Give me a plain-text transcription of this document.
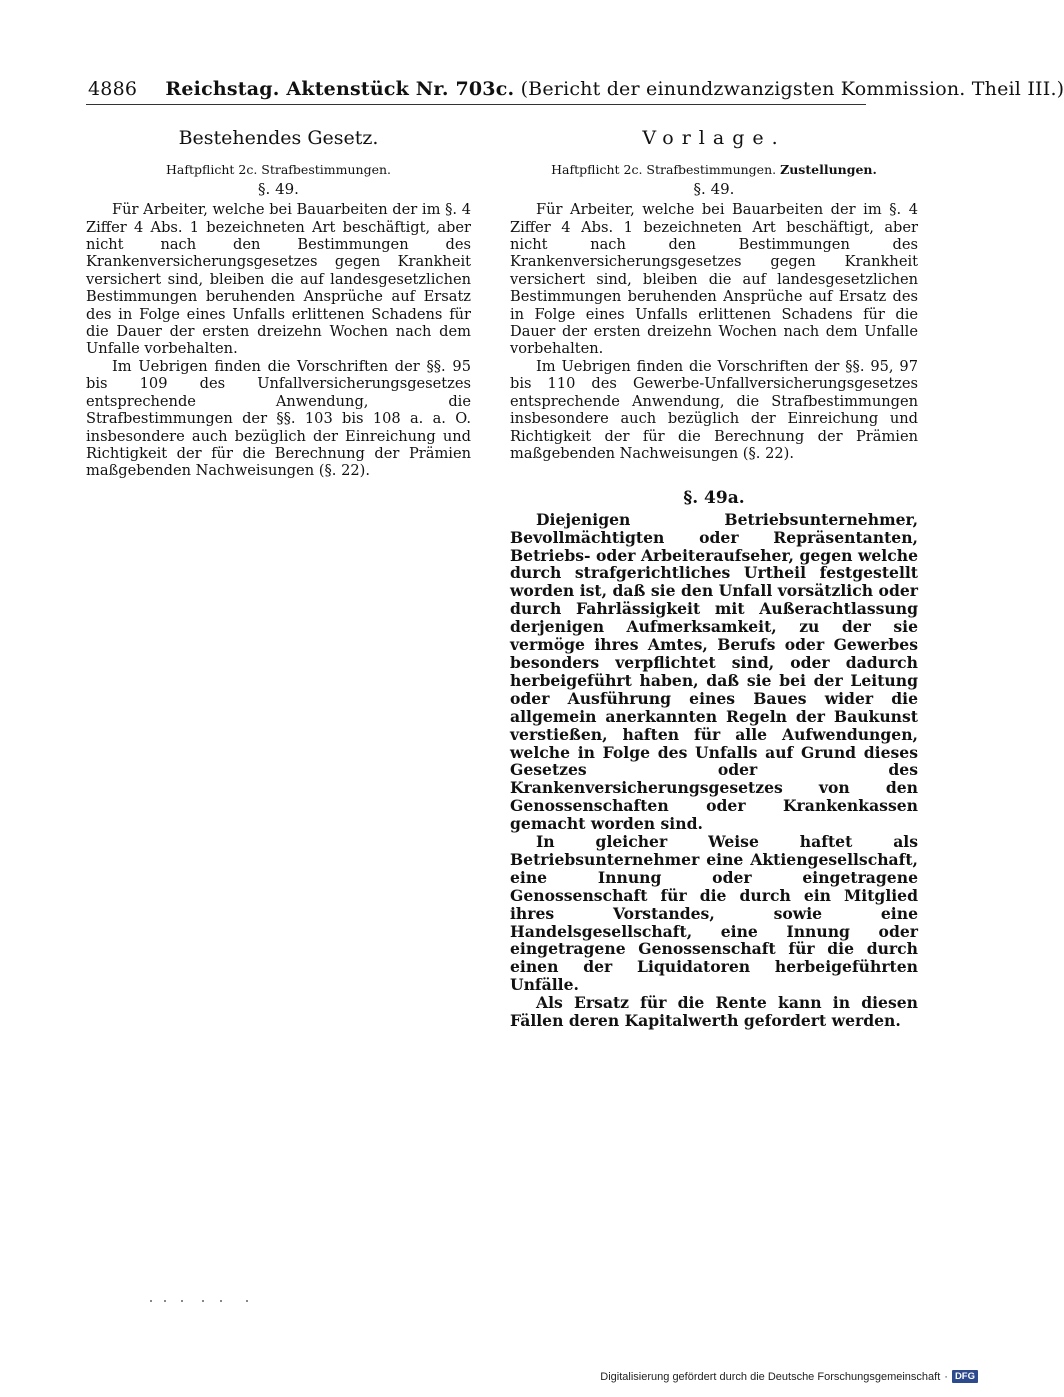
4886 Reichstag. Aktenstück Nr. 703c. (Bericht der einundzwanzigsten Kommission. Theil III.)
Bestehendes Gesetz.
Haftpflicht 2c. Strafbestimmungen.
§. 49.

Für Arbeiter, welche bei Bauarbeiten der im §. 4 Ziffer 4 Abs. 1 bezeichneten Art beschäftigt, aber nicht nach den Bestimmungen des Krankenversicherungsgesetzes gegen Krankheit versichert sind, bleiben die auf landesgesetzlichen Bestimmungen beruhenden Ansprüche auf Ersatz des in Folge eines Unfalls erlittenen Schadens für die Dauer der ersten dreizehn Wochen nach dem Unfalle vorbehalten.

Im Uebrigen finden die Vorschriften der §§. 95 bis 109 des Unfallversicherungsgesetzes entsprechende Anwendung, die Strafbestimmungen der §§. 103 bis 108 a. a. O. insbesondere auch bezüglich der Einreichung und Richtigkeit der für die Berechnung der Prämien maßgebenden Nachweisungen (§. 22).

Vorlage.
Haftpflicht 2c. Strafbestimmungen. Zustellungen.
§. 49.

Für Arbeiter, welche bei Bauarbeiten der im §. 4 Ziffer 4 Abs. 1 bezeichneten Art beschäftigt, aber nicht nach den Bestimmungen des Krankenversicherungsgesetzes gegen Krankheit versichert sind, bleiben die auf landesgesetzlichen Bestimmungen beruhenden Ansprüche auf Ersatz des in Folge eines Unfalls erlittenen Schadens für die Dauer der ersten dreizehn Wochen nach dem Unfalle vorbehalten.

Im Uebrigen finden die Vorschriften der §§. 95, 97 bis 110 des Gewerbe-Unfallversicherungsgesetzes entsprechende Anwendung, die Strafbestimmungen insbesondere auch bezüglich der Einreichung und Richtigkeit der für die Berechnung der Prämien maßgebenden Nachweisungen (§. 22).

§. 49a.

Diejenigen Betriebsunternehmer, Bevollmächtigten oder Repräsentanten, Betriebs- oder Arbeiteraufseher, gegen welche durch strafgerichtliches Urtheil festgestellt worden ist, daß sie den Unfall vorsätzlich oder durch Fahrlässigkeit mit Außerachtlassung derjenigen Aufmerksamkeit, zu der sie vermöge ihres Amtes, Berufs oder Gewerbes besonders verpflichtet sind, oder dadurch herbeigeführt haben, daß sie bei der Leitung oder Ausführung eines Baues wider die allgemein anerkannten Regeln der Baukunst verstießen, haften für alle Aufwendungen, welche in Folge des Unfalls auf Grund dieses Gesetzes oder des Krankenversicherungsgesetzes von den Genossenschaften oder Krankenkassen gemacht worden sind.

In gleicher Weise haftet als Betriebsunternehmer eine Aktiengesellschaft, eine Innung oder eingetragene Genossenschaft für die durch ein Mitglied ihres Vorstandes, sowie eine Handelsgesellschaft, eine Innung oder eingetragene Genossenschaft für die durch einen der Liquidatoren herbeigeführten Unfälle.

Als Ersatz für die Rente kann in diesen Fällen deren Kapitalwerth gefordert werden.

Digitalisierung gefördert durch die Deutsche Forschungsgemeinschaft · DFG
